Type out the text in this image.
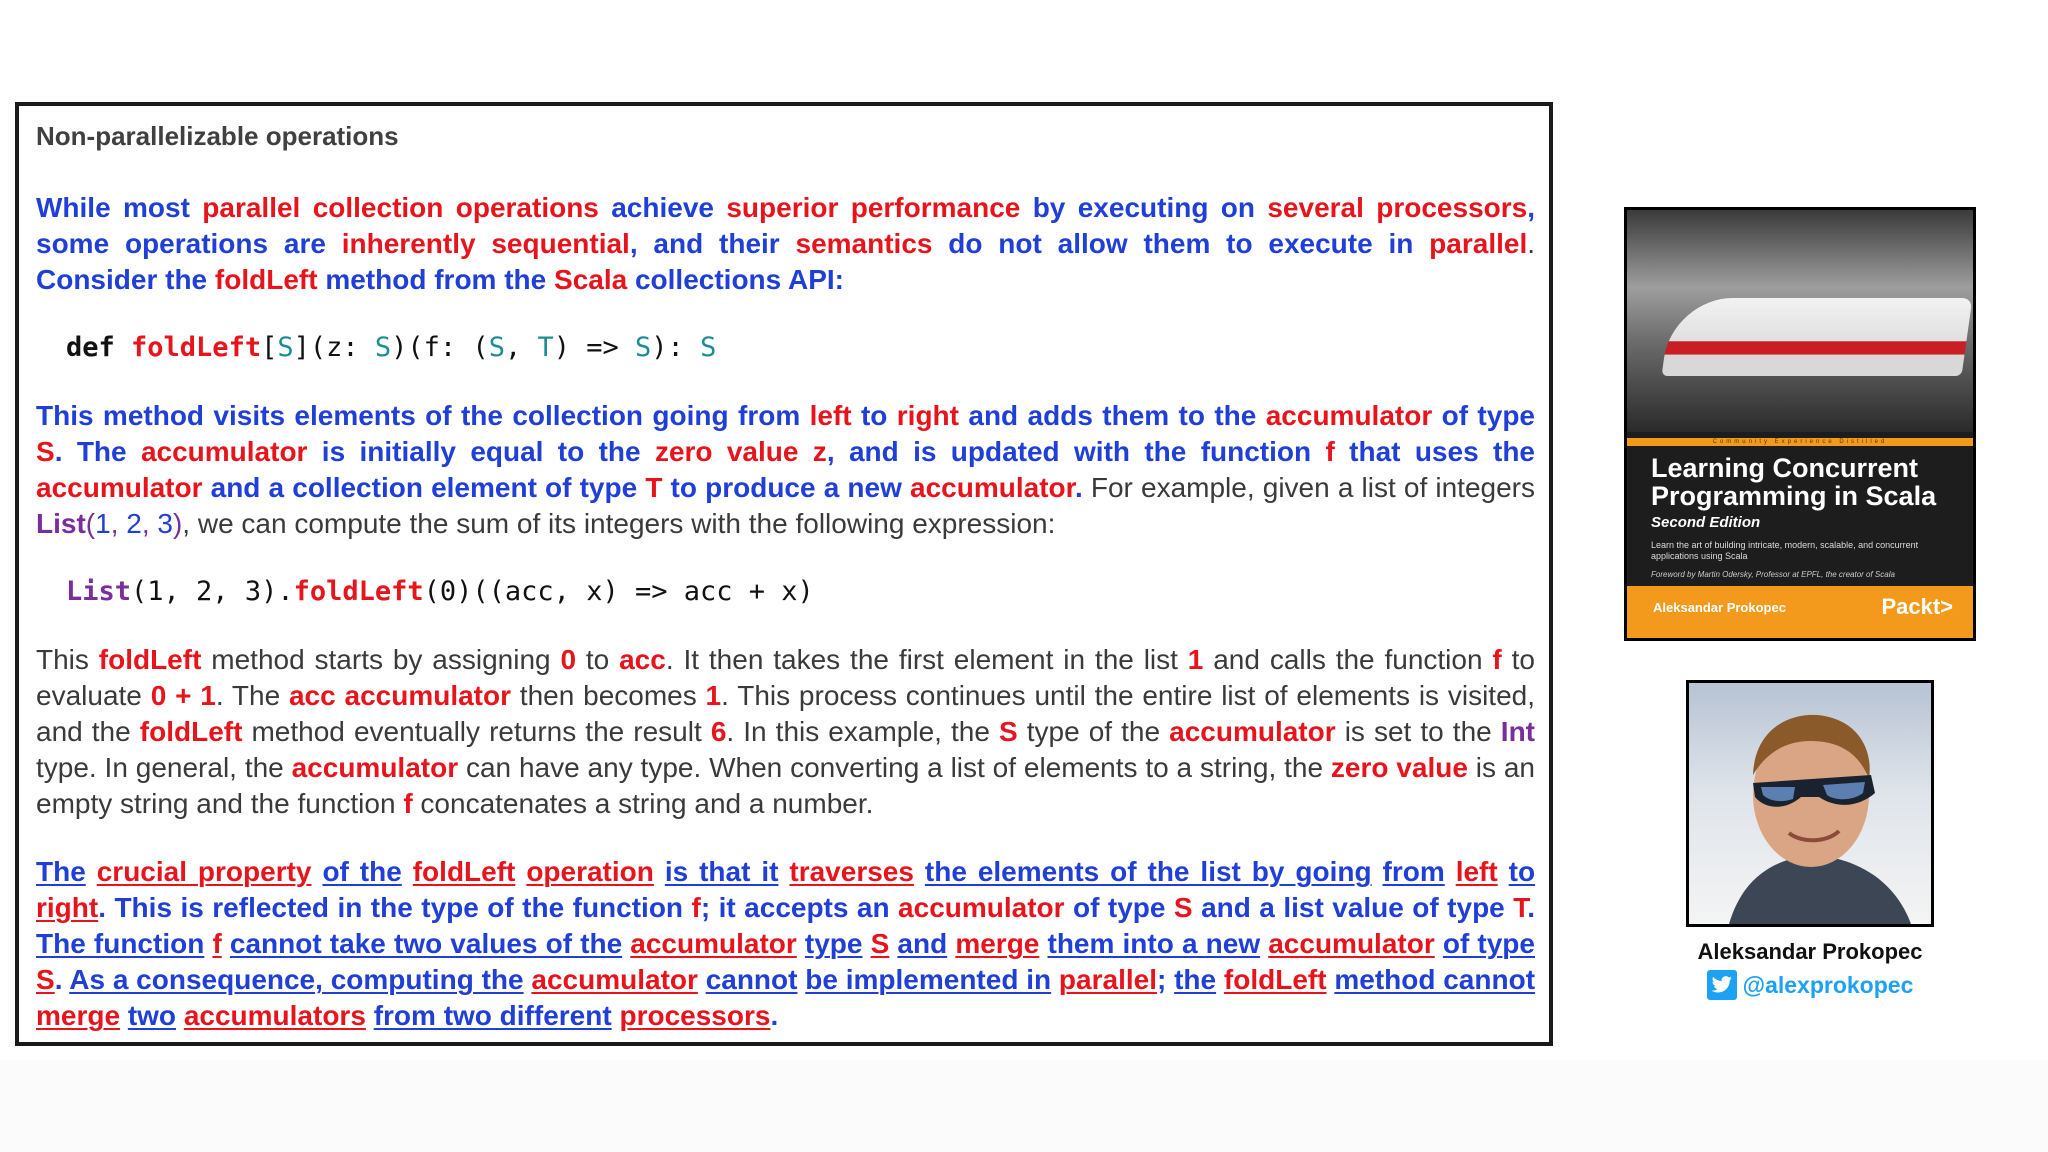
Non-parallelizable operations

While most parallel collection operations achieve superior performance by executing on several processors, some operations are inherently sequential, and their semantics do not allow them to execute in parallel. Consider the foldLeft method from the Scala collections API:

def foldLeft[S](z: S)(f: (S, T) => S): S

This method visits elements of the collection going from left to right and adds them to the accumulator of type S. The accumulator is initially equal to the zero value z, and is updated with the function f that uses the accumulator and a collection element of type T to produce a new accumulator. For example, given a list of integers List(1, 2, 3), we can compute the sum of its integers with the following expression:

List(1, 2, 3).foldLeft(0)((acc, x) => acc + x)

This foldLeft method starts by assigning 0 to acc. It then takes the first element in the list 1 and calls the function f to evaluate 0 + 1. The acc accumulator then becomes 1. This process continues until the entire list of elements is visited, and the foldLeft method eventually returns the result 6. In this example, the S type of the accumulator is set to the Int type. In general, the accumulator can have any type. When converting a list of elements to a string, the zero value is an empty string and the function f concatenates a string and a number.

The crucial property of the foldLeft operation is that it traverses the elements of the list by going from left to right. This is reflected in the type of the function f; it accepts an accumulator of type S and a list value of type T. The function f cannot take two values of the accumulator type S and merge them into a new accumulator of type S. As a consequence, computing the accumulator cannot be implemented in parallel; the foldLeft method cannot merge two accumulators from two different processors.

Community Experience Distilled
Learning Concurrent
Programming in Scala
Second Edition
Learn the art of building intricate, modern, scalable, and concurrent applications using Scala
Foreword by Martin Odersky, Professor at EPFL, the creator of Scala
Aleksandar Prokopec	Packt>
Aleksandar Prokopec
@alexprokopec
